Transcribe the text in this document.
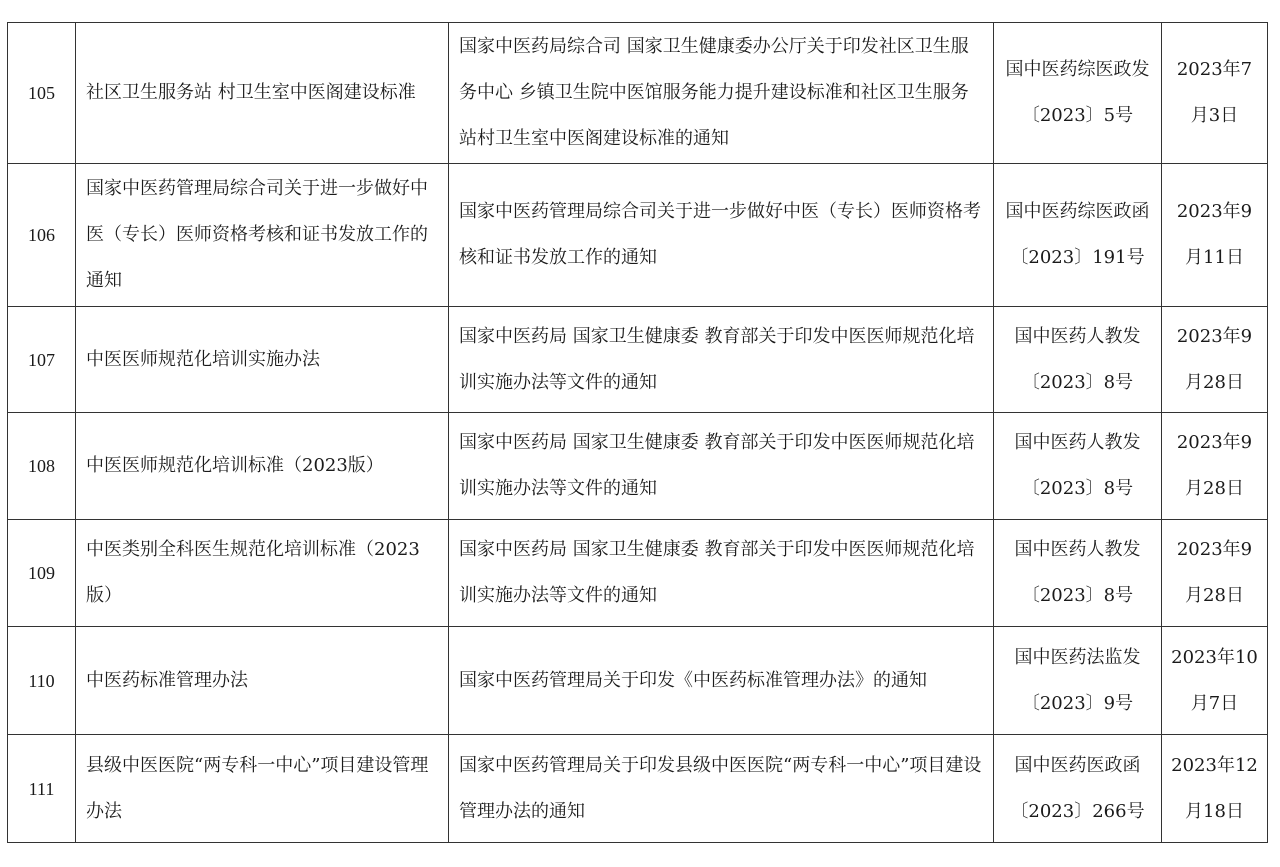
105	社区卫生服务站 村卫生室中医阁建设标准	国家中医药局综合司 国家卫生健康委办公厅关于印发社区卫生服务中心 乡镇卫生院中医馆服务能力提升建设标准和社区卫生服务站村卫生室中医阁建设标准的通知	国中医药综医政发〔2023〕5号	2023年7月3日
106	国家中医药管理局综合司关于进一步做好中医（专长）医师资格考核和证书发放工作的通知	国家中医药管理局综合司关于进一步做好中医（专长）医师资格考核和证书发放工作的通知	国中医药综医政函〔2023〕191号	2023年9月11日
107	中医医师规范化培训实施办法	国家中医药局 国家卫生健康委 教育部关于印发中医医师规范化培训实施办法等文件的通知	国中医药人教发〔2023〕8号	2023年9月28日
108	中医医师规范化培训标准（2023版）	国家中医药局 国家卫生健康委 教育部关于印发中医医师规范化培训实施办法等文件的通知	国中医药人教发〔2023〕8号	2023年9月28日
109	中医类别全科医生规范化培训标准（2023版）	国家中医药局 国家卫生健康委 教育部关于印发中医医师规范化培训实施办法等文件的通知	国中医药人教发〔2023〕8号	2023年9月28日
110	中医药标准管理办法	国家中医药管理局关于印发《中医药标准管理办法》的通知	国中医药法监发〔2023〕9号	2023年10月7日
111	县级中医医院“两专科一中心”项目建设管理办法	国家中医药管理局关于印发县级中医医院“两专科一中心”项目建设管理办法的通知	国中医药医政函〔2023〕266号	2023年12月18日
